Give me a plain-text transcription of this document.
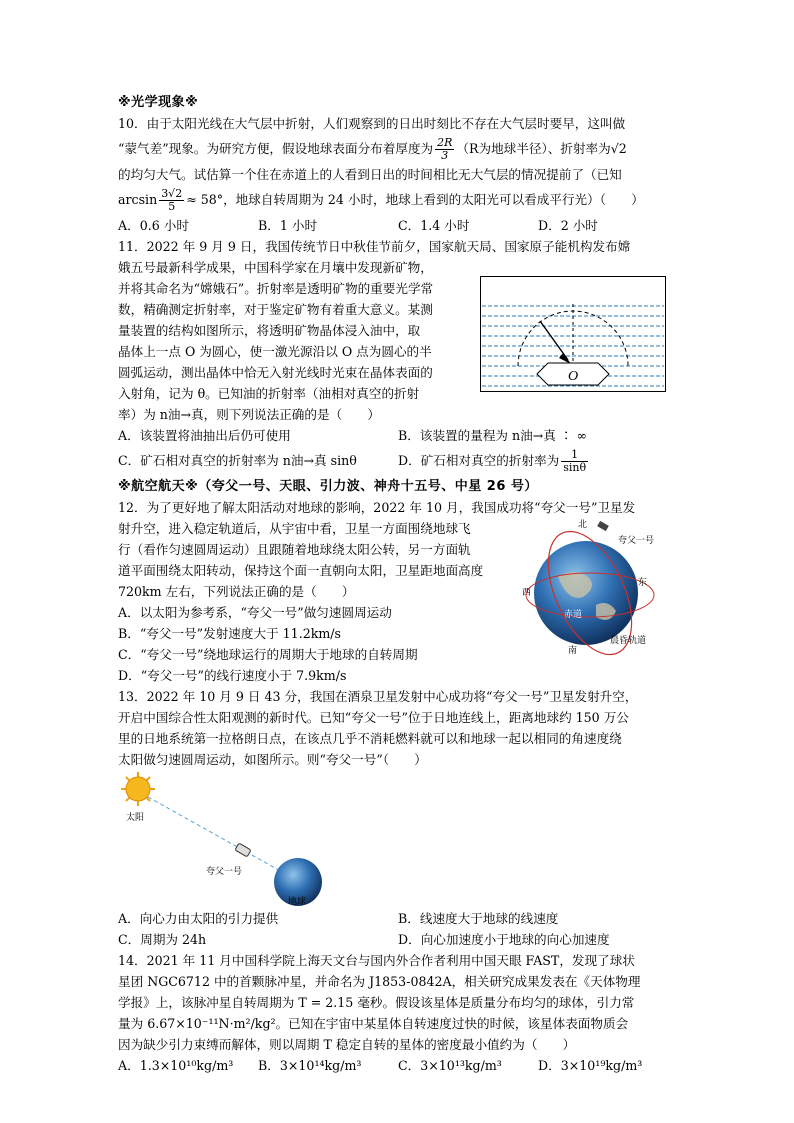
※光学现象※

10．由于太阳光线在大气层中折射，人们观察到的日出时刻比不存在大气层时要早，这叫做

“蒙气差”现象。为研究方便，假设地球表面分布着厚度为 $\frac{2R}{3} (R$为地球半径）、折射率为√2

的均匀大气。试估算一个住在赤道上的人看到日出的时间相比无大气层的情况提前了（已知

$\arcsin \frac{3√2}{5} \approx 58^\circ$，地球自转周期为 24 小时，地球上看到的太阳光可以看成平行光）（　　）

A．0.6 小时	B．1 小时	C．1.4 小时	D．2 小时

11．2022 年 9 月 9 日，我国传统节日中秋佳节前夕，国家航天局、国家原子能机构发布嫦

娥五号最新科学成果，中国科学家在月壤中发现新矿物，
并将其命名为“嫦娥石”。折射率是透明矿物的重要光学常
数，精确测定折射率，对于鉴定矿物有着重大意义。某测
量装置的结构如图所示，将透明矿物晶体浸入油中，取
晶体上一点 O 为圆心，使一激光源沿以 O 点为圆心的半
圆弧运动，测出晶体中恰无入射光线时光束在晶体表面的
入射角，记为 θ。已知油的折射率（油相对真空的折射
率）为 n油→真，则下列说法正确的是（　　）
O
A．该装置将油抽出后仍可使用	B．该装置的量程为 n油→真 ∶ ∞
C．矿石相对真空的折射率为 n油→真 sinθ	D．矿石相对真空的折射率为 $\frac{1}{\sin\theta}$
※航空航天※（夸父一号、天眼、引力波、神舟十五号、中星 26 号）

12．为了更好地了解太阳活动对地球的影响，2022 年 10 月，我国成功将“夸父一号”卫星发

射升空，进入稳定轨道后，从宇宙中看，卫星一方面围绕地球飞
行（看作匀速圆周运动）且跟随着地球绕太阳公转，另一方面轨
道平面围绕太阳转动，保持这个面一直朝向太阳，卫星距地面高度
720km 左右，下列说法正确的是（　　）
A．以太阳为参考系，“夸父一号”做匀速圆周运动
B．“夸父一号”发射速度大于 11.2km/s
C．“夸父一号”绕地球运行的周期大于地球的自转周期
D．“夸父一号”的线行速度小于 7.9km/s
北
西
东
南
赤道
夸父一号
晨昏轨道

13．2022 年 10 月 9 日 43 分，我国在酒泉卫星发射中心成功将“夸父一号”卫星发射升空，

开启中国综合性太阳观测的新时代。已知“夸父一号”位于日地连线上，距离地球约 150 万公

里的日地系统第一拉格朗日点，在该点几乎不消耗燃料就可以和地球一起以相同的角速度绕

太阳做匀速圆周运动，如图所示。则“夸父一号”（　　）

太阳
夸父一号
地球
A．向心力由太阳的引力提供	B．线速度大于地球的线速度
C．周期为 24h	D．向心加速度小于地球的向心加速度

14．2021 年 11 月中国科学院上海天文台与国内外合作者利用中国天眼 FAST，发现了球状

星团 NGC6712 中的首颗脉冲星，并命名为 J1853-0842A，相关研究成果发表在《天体物理

学报》上，该脉冲星自转周期为 T = 2.15 毫秒。假设该星体是质量分布均匀的球体，引力常

量为 6.67×10⁻¹¹N·m²/kg²。已知在宇宙中某星体自转速度过快的时候，该星体表面物质会

因为缺少引力束缚而解体，则以周期 T 稳定自转的星体的密度最小值约为（　　）

A．1.3×10¹⁰kg/m³	B．3×10¹⁴kg/m³	C．3×10¹³kg/m³	D．3×10¹⁹kg/m³
